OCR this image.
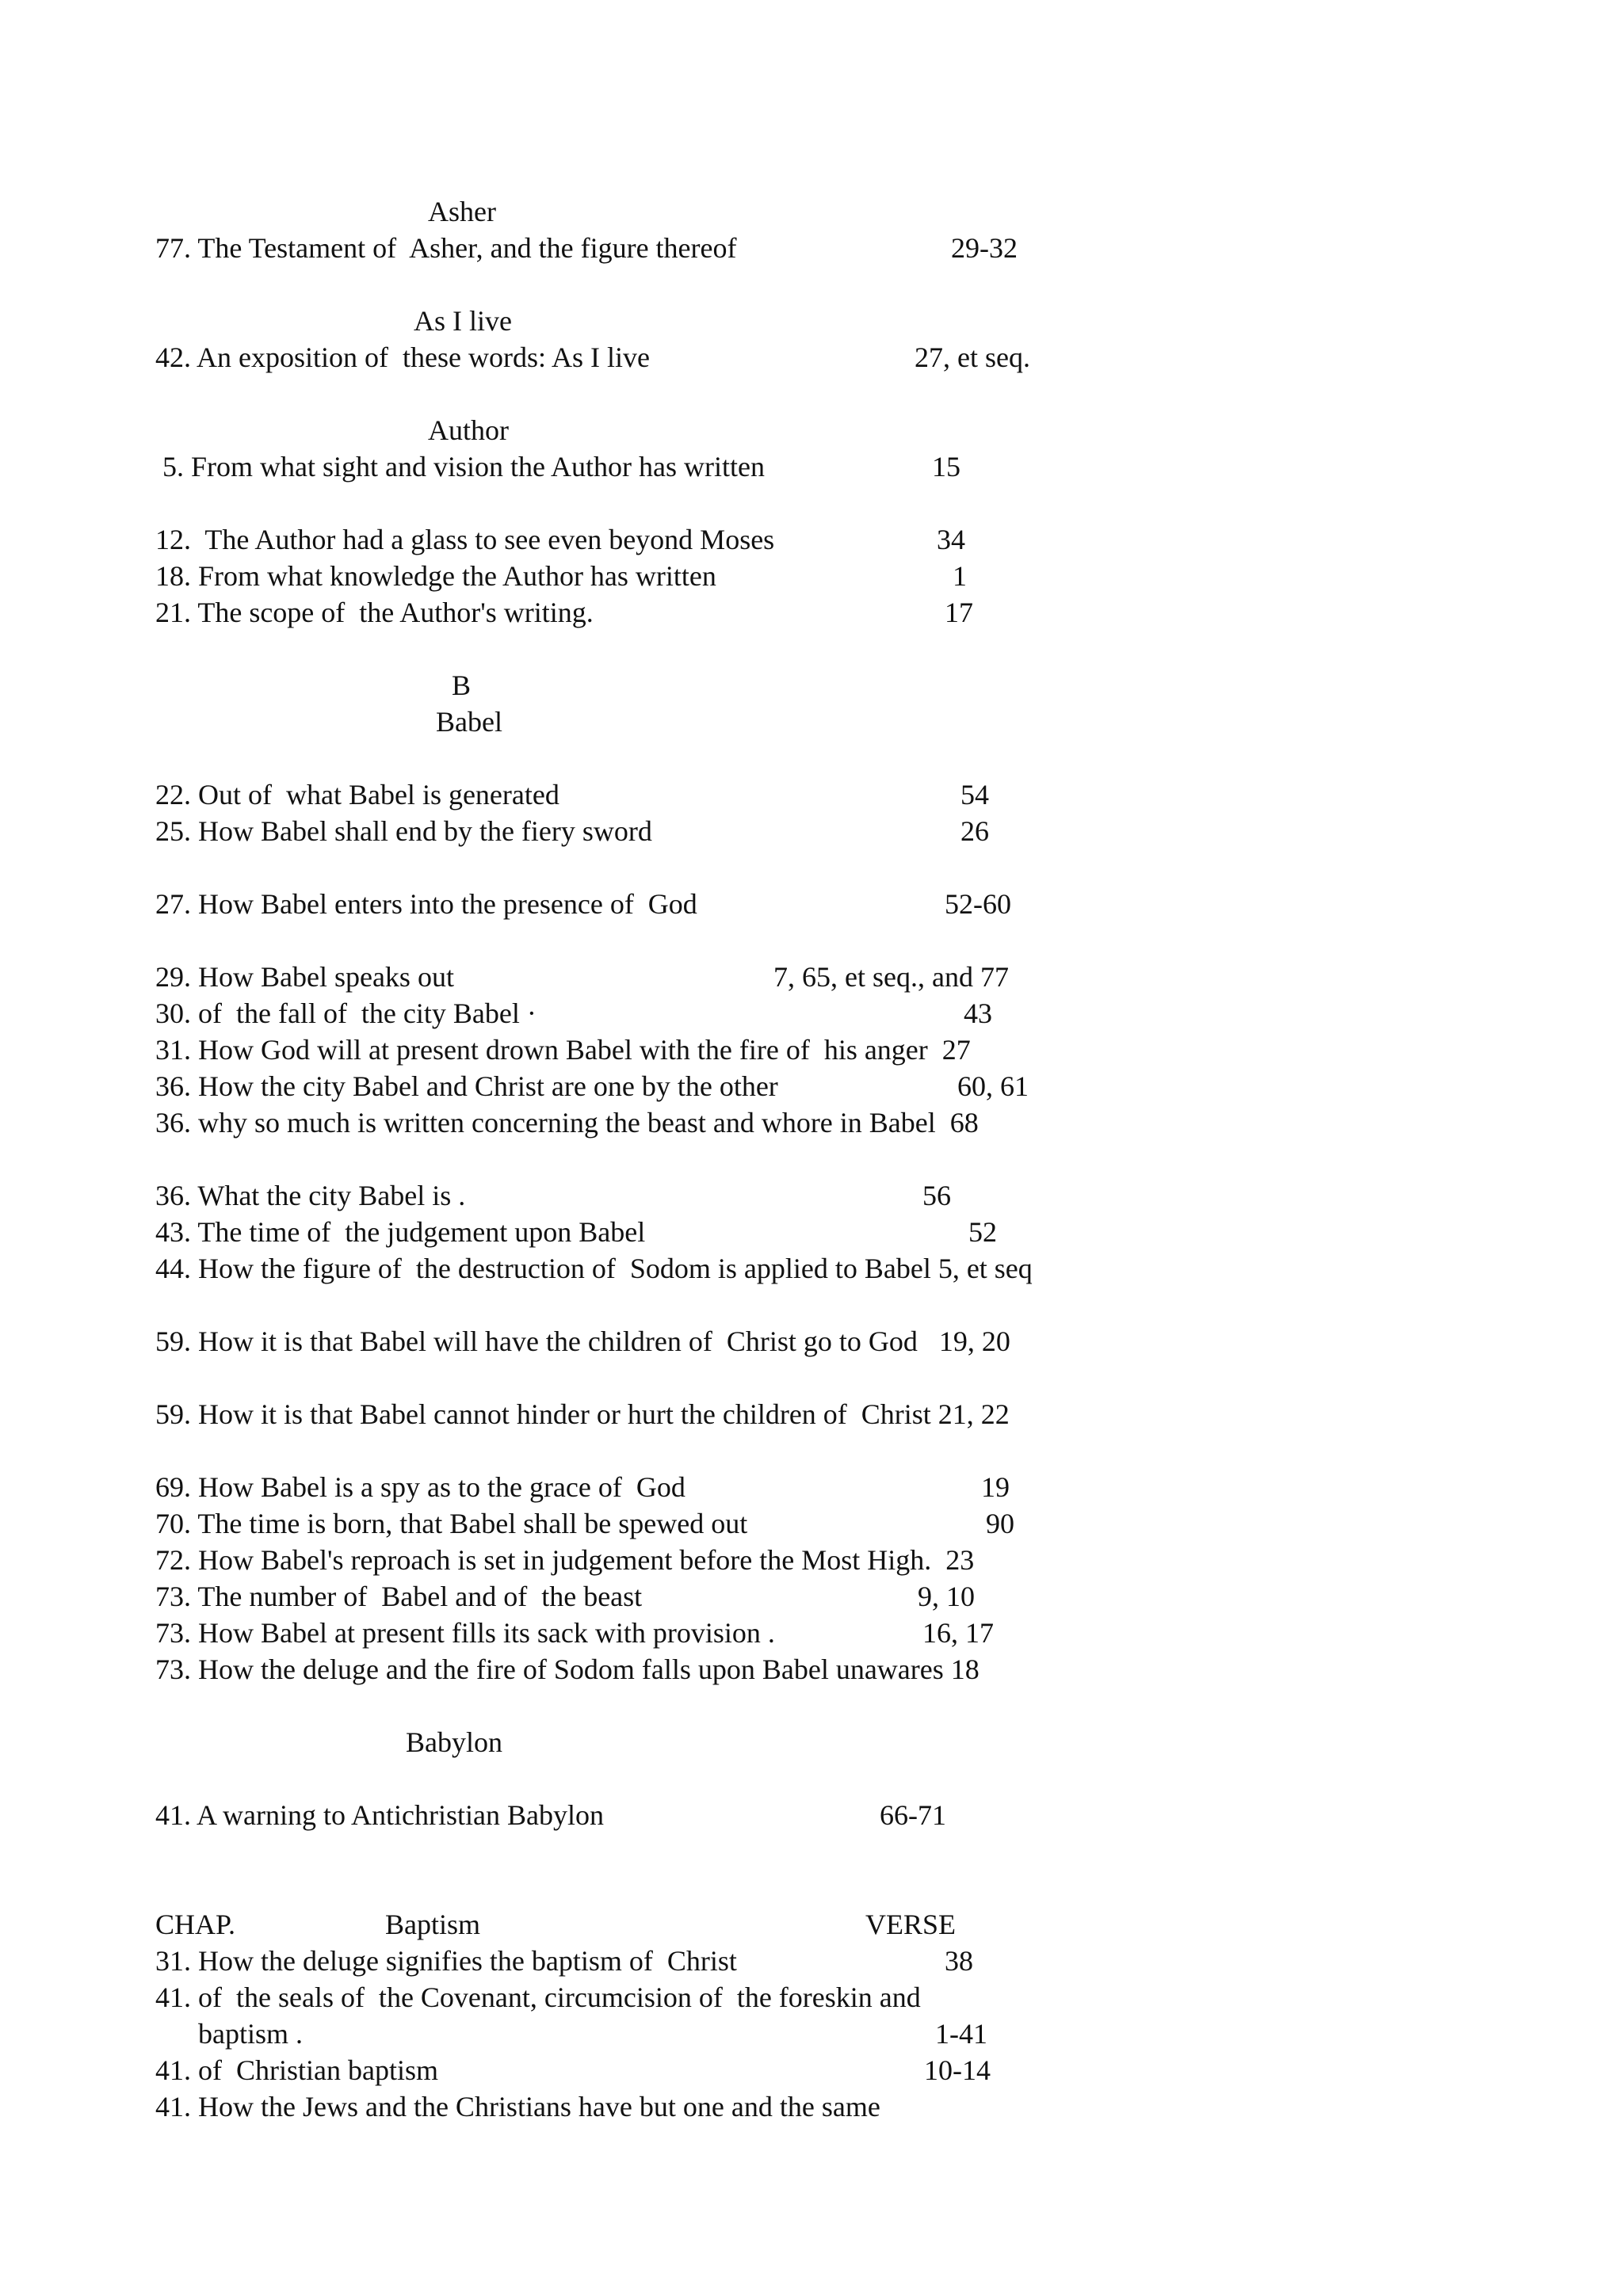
Asher
77. The Testament of  Asher, and the figure thereof	29-32
As I live
42. An exposition of  these words: As I live	27, et seq.
Author
5. From what sight and vision the Author has written	15
12.  The Author had a glass to see even beyond Moses	34
18. From what knowledge the Author has written	1
21. The scope of  the Author's writing.	17
B
Babel
22. Out of  what Babel is generated	54
25. How Babel shall end by the fiery sword	26
27. How Babel enters into the presence of  God	52-60
29. How Babel speaks out	7, 65, et seq., and 77
30. of  the fall of  the city Babel ·	43
31. How God will at present drown Babel with the fire of  his anger  27
36. How the city Babel and Christ are one by the other	60, 61
36. why so much is written concerning the beast and whore in Babel  68
36. What the city Babel is .	56
43. The time of  the judgement upon Babel	52
44. How the figure of  the destruction of  Sodom is applied to Babel 5, et seq
59. How it is that Babel will have the children of  Christ go to God   19, 20
59. How it is that Babel cannot hinder or hurt the children of  Christ 21, 22
69. How Babel is a spy as to the grace of  God	19
70. The time is born, that Babel shall be spewed out	90
72. How Babel's reproach is set in judgement before the Most High.  23
73. The number of  Babel and of  the beast	9, 10
73. How Babel at present fills its sack with provision .	16, 17
73. How the deluge and the fire of Sodom falls upon Babel unawares 18
Babylon
41. A warning to Antichristian Babylon	66-71
CHAP.	Baptism	VERSE
31. How the deluge signifies the baptism of  Christ	38
41. of  the seals of  the Covenant, circumcision of  the foreskin and
baptism .	1-41
41. of  Christian baptism	10-14
41. How the Jews and the Christians have but one and the same
